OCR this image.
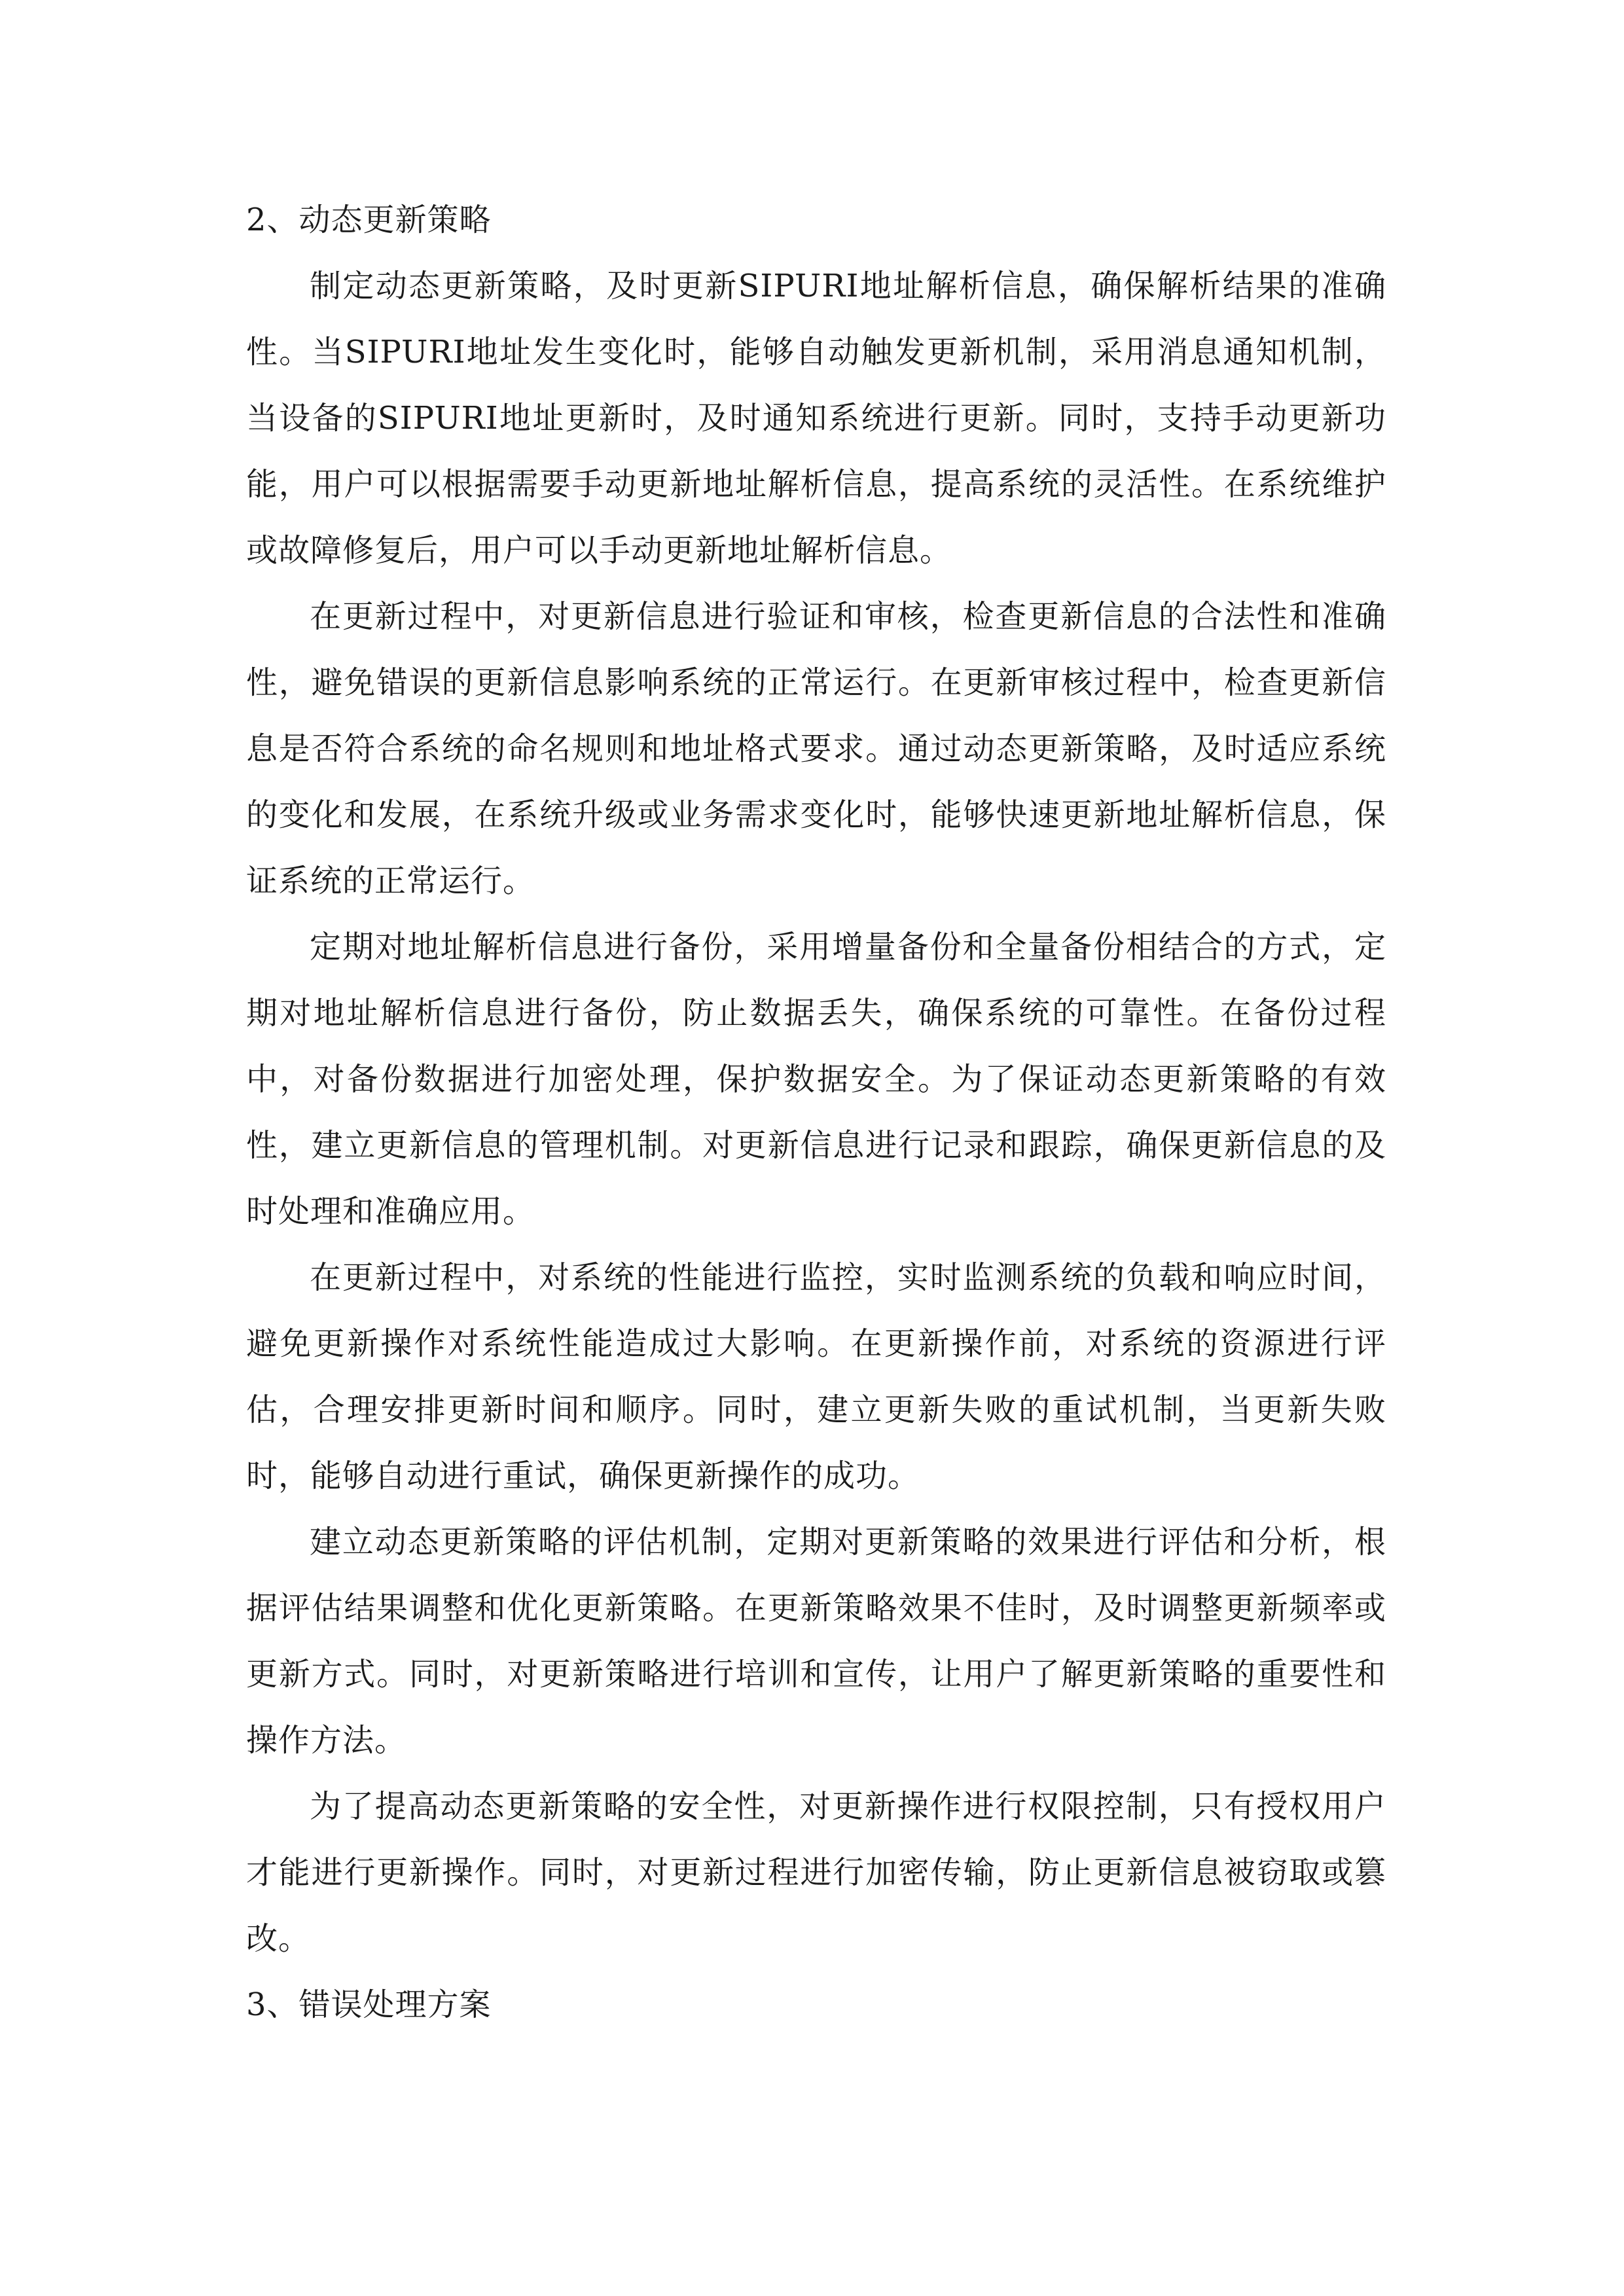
2、动态更新策略

制定动态更新策略，及时更新SIPURI地址解析信息，确保解析结果的准确性。当SIPURI地址发生变化时，能够自动触发更新机制，采用消息通知机制，当设备的SIPURI地址更新时，及时通知系统进行更新。同时，支持手动更新功能，用户可以根据需要手动更新地址解析信息，提高系统的灵活性。在系统维护或故障修复后，用户可以手动更新地址解析信息。

在更新过程中，对更新信息进行验证和审核，检查更新信息的合法性和准确性，避免错误的更新信息影响系统的正常运行。在更新审核过程中，检查更新信息是否符合系统的命名规则和地址格式要求。通过动态更新策略，及时适应系统的变化和发展，在系统升级或业务需求变化时，能够快速更新地址解析信息，保证系统的正常运行。

定期对地址解析信息进行备份，采用增量备份和全量备份相结合的方式，定期对地址解析信息进行备份，防止数据丢失，确保系统的可靠性。在备份过程中，对备份数据进行加密处理，保护数据安全。为了保证动态更新策略的有效性，建立更新信息的管理机制。对更新信息进行记录和跟踪，确保更新信息的及时处理和准确应用。

在更新过程中，对系统的性能进行监控，实时监测系统的负载和响应时间，避免更新操作对系统性能造成过大影响。在更新操作前，对系统的资源进行评估，合理安排更新时间和顺序。同时，建立更新失败的重试机制，当更新失败时，能够自动进行重试，确保更新操作的成功。

建立动态更新策略的评估机制，定期对更新策略的效果进行评估和分析，根据评估结果调整和优化更新策略。在更新策略效果不佳时，及时调整更新频率或更新方式。同时，对更新策略进行培训和宣传，让用户了解更新策略的重要性和操作方法。

为了提高动态更新策略的安全性，对更新操作进行权限控制，只有授权用户才能进行更新操作。同时，对更新过程进行加密传输，防止更新信息被窃取或篡改。

3、错误处理方案
